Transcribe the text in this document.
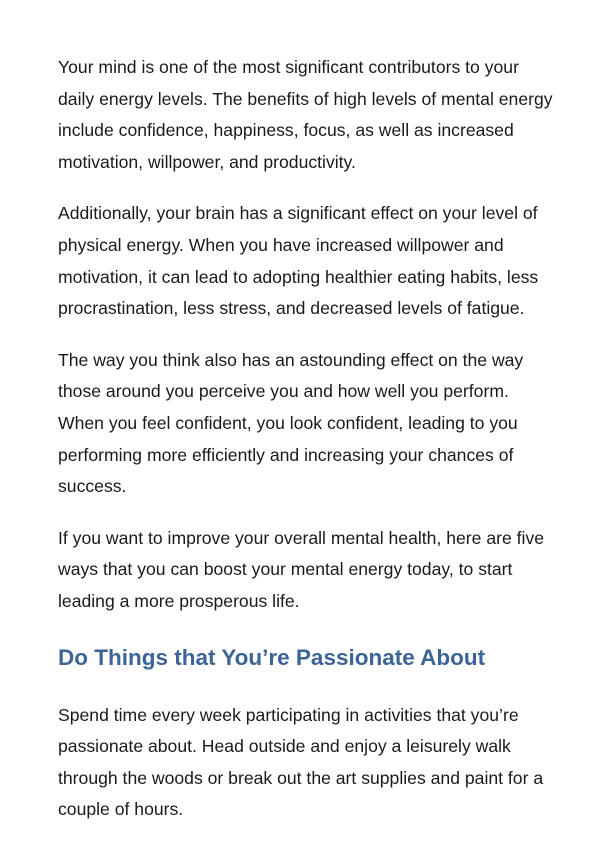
Your mind is one of the most significant contributors to your daily energy levels. The benefits of high levels of mental energy include confidence, happiness, focus, as well as increased motivation, willpower, and productivity.

Additionally, your brain has a significant effect on your level of physical energy. When you have increased willpower and motivation, it can lead to adopting healthier eating habits, less procrastination, less stress, and decreased levels of fatigue.

The way you think also has an astounding effect on the way those around you perceive you and how well you perform. When you feel confident, you look confident, leading to you performing more efficiently and increasing your chances of success.

If you want to improve your overall mental health, here are five ways that you can boost your mental energy today, to start leading a more prosperous life.

Do Things that You’re Passionate About

Spend time every week participating in activities that you’re passionate about. Head outside and enjoy a leisurely walk through the woods or break out the art supplies and paint for a couple of hours.
